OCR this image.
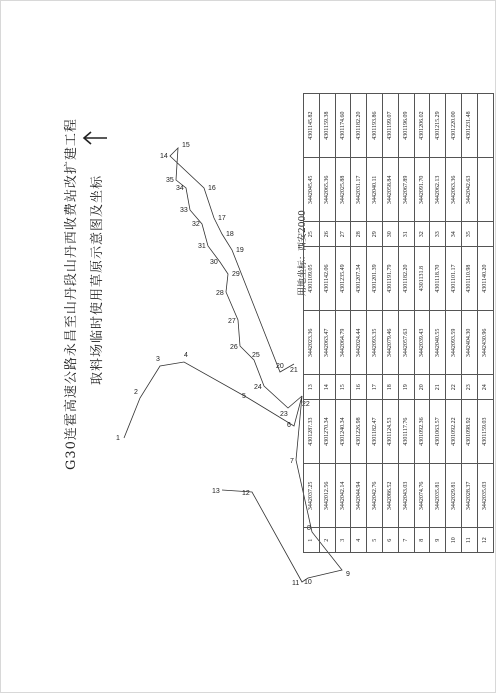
G30连霍高速公路永昌至山丹段山丹西收费站改扩建工程 取料场临时使用草原示意图及坐标
1
2
3
4
5
6
7
8
9
10
11
12
13
14
15
16
17
18
19
20
21
22
23
24
25
26
27
28
29
30
31
32
33
34
35
用地坐标：西安2000
1	3442037.25	430128?.33	13	3442023.36	4301109.05	25	3442045.45	4301145.82
2	3442012.56	4301270.34	14	3442063.47	4301142.06	26	3442065.36	4301159.38
3	3442042.14	4301240.34	15	3442064.79	4301235.49	27	3442025.88	4301174.60
4	3442044.94	4301226.98	16	3442024.44	4301207.34	28	3442031.17	4301182.20
5	3442042.76	4301182.47	17	3442093.35	4301201.39	29	3442040.11	4301193.86
6	3442086.52	4301124.53	18	3442079.46	4301191.79	30	3442058.84	4301199.07
7	3442043.03	4301117.76	19	3442057.63	4301182.20	31	3442067.89	4301196.09
8	3442074.76	4301092.36	20	3442039.43	4301131.8	32	3442091.70	4301206.02
9	3442035.81	4301063.57	21	3442040.55	4301118.70	33	3442062.13	4301215.29
10	3442029.81	4301092.22	22	3442093.59	4301101.17	34	3442063.36	4301220.00
11	3442028.37	4301098.92	23	3442404.30	4301110.98	35	3442042.63	4301231.48
12	3442035.03	4301159.03	24	3442430.96	4301140.20			
